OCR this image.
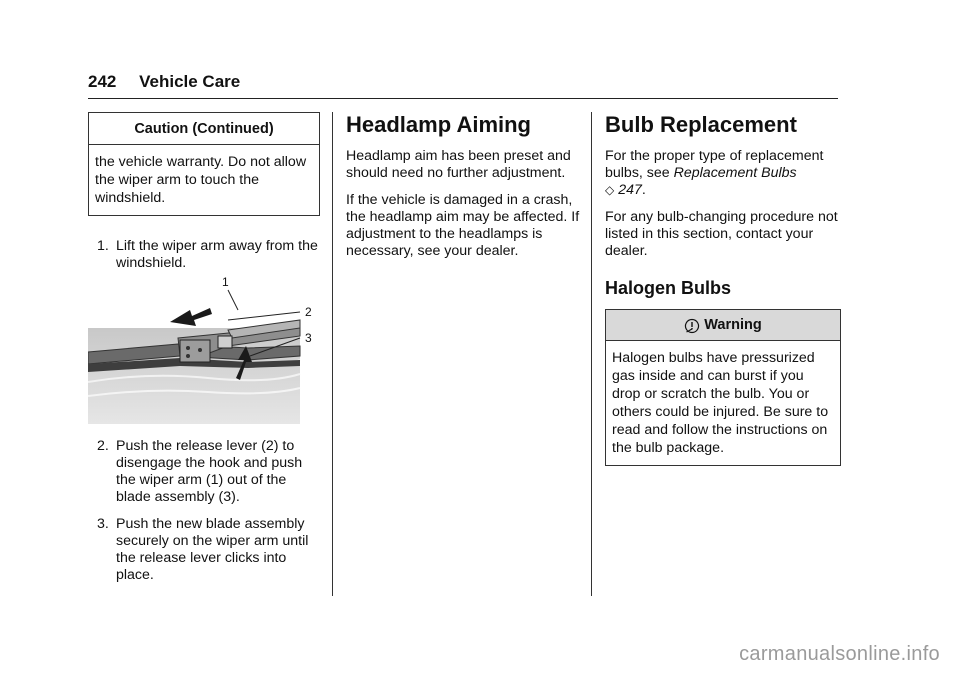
242 Vehicle Care
Caution (Continued)
the vehicle warranty. Do not allow the wiper arm to touch the windshield.
1. Lift the wiper arm away from the windshield.
1
2
3
2. Push the release lever (2) to disengage the hook and push the wiper arm (1) out of the blade assembly (3).
3. Push the new blade assembly securely on the wiper arm until the release lever clicks into place.
Headlamp Aiming

Headlamp aim has been preset and should need no further adjustment.

If the vehicle is damaged in a crash, the headlamp aim may be affected. If adjustment to the headlamps is necessary, see your dealer.

Bulb Replacement

For the proper type of replacement bulbs, see Replacement Bulbs
◇ 247.

For any bulb-changing procedure not listed in this section, contact your dealer.

Halogen Bulbs
Warning
Halogen bulbs have pressurized gas inside and can burst if you drop or scratch the bulb. You or others could be injured. Be sure to read and follow the instructions on the bulb package.
carmanualsonline.info
